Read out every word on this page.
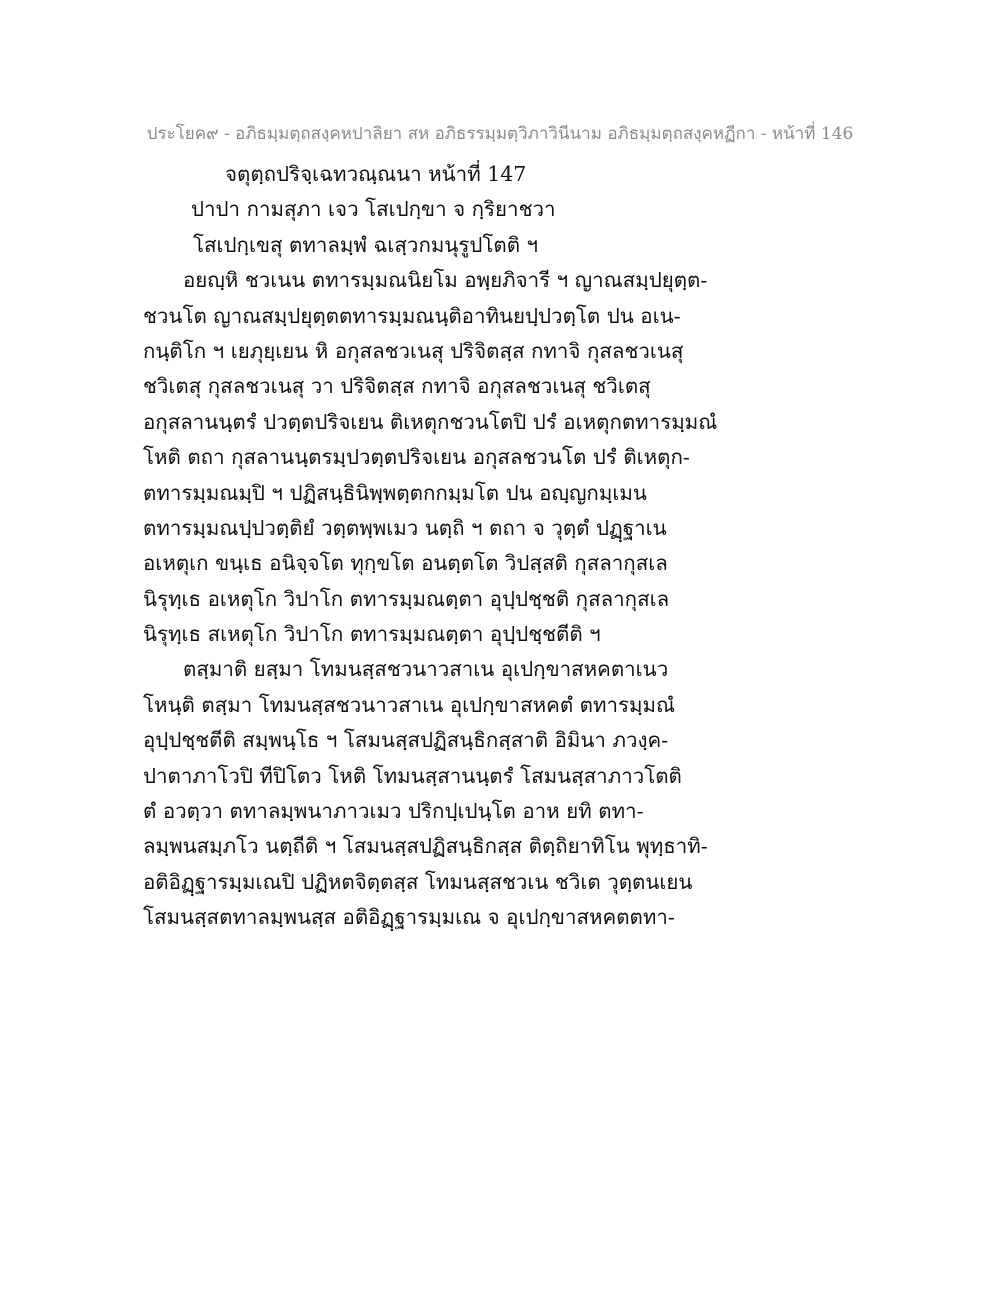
ประโยค๙ - อภิธมฺมตฺถสงฺคหปาลิยา สห อภิธรรมฺมตฺวิภาวินีนาม อภิธมฺมตฺถสงฺคหฏีกา - หน้าที่ 146
จตุตฺถปริจฺเฉทวณฺณนา หน้าที่ 147
ปาปา กามสุภา เจว โสเปกฺขา จ กฺริยาชวา
โสเปกฺเขสุ ตทาลมฺพํ ฉเสฺวกมนุรูปโตติ ฯ
อยญฺหิ ชวเนน ตทารมฺมณนิยโม อพฺยภิจารี ฯ ญาณสมฺปยุตฺต-
ชวนโต ญาณสมฺปยุตฺตตทารมฺมณนฺติอาทินยปฺปวตฺโต ปน อเน-
กนฺติโก ฯ เยภุยฺเยน หิ อกุสลชวเนสุ ปริจิตสฺส กทาจิ กุสลชวเนสุ
ชวิเตสุ กุสลชวเนสุ วา ปริจิตสฺส กทาจิ อกุสลชวเนสุ ชวิเตสุ
อกุสลานนฺตรํ ปวตฺตปริจเยน ติเหตุกชวนโตปิ ปรํ อเหตุกตทารมฺมณํ
โหติ ตถา กุสลานนฺตรมฺปวตฺตปริจเยน อกุสลชวนโต ปรํ ติเหตุก-
ตทารมฺมณมฺปิ ฯ ปฏิสนฺธินิพฺพตฺตกกมฺมโต ปน อญฺญกมฺเมน
ตทารมฺมณปฺปวตฺติยํ วตฺตพฺพเมว นตฺถิ ฯ ตถา จ วุตฺตํ ปฏฺฐาเน
อเหตุเก ขนฺเธ อนิจฺจโต ทุกฺขโต อนตฺตโต วิปสฺสติ กุสลากุสเล
นิรุทฺเธ อเหตุโก วิปาโก ตทารมฺมณตฺตา อุปฺปชฺชติ กุสลากุสเล
นิรุทฺเธ สเหตุโก วิปาโก ตทารมฺมณตฺตา อุปฺปชฺชตีติ ฯ
ตสฺมาติ ยสฺมา โทมนสฺสชวนาวสาเน อุเปกฺขาสหคตาเนว
โหนฺติ ตสฺมา โทมนสฺสชวนาวสาเน อุเปกฺขาสหคตํ ตทารมฺมณํ
อุปฺปชฺชตีติ สมฺพนฺโธ ฯ โสมนสฺสปฏิสนฺธิกสฺสาติ อิมินา ภวงฺค-
ปาตาภาโวปิ ทีปิโตว โหติ โทมนสฺสานนฺตรํ โสมนสฺสาภาวโตติ
ตํ อวตฺวา ตทาลมฺพนาภาวเมว ปริกปฺเปนฺโต อาห ยทิ ตทา-
ลมฺพนสมฺภโว นตฺถีติ ฯ โสมนสฺสปฏิสนฺธิกสฺส ติตฺถิยาทิโน พุทฺธาทิ-
อติอิฏฺฐารมฺมเณปิ ปฏิหตจิตฺตสฺส โทมนสฺสชวเน ชวิเต วุตฺตนเยน
โสมนสฺสตทาลมฺพนสฺส อติอิฏฺฐารมฺมเณ จ อุเปกฺขาสหคตตทา-
